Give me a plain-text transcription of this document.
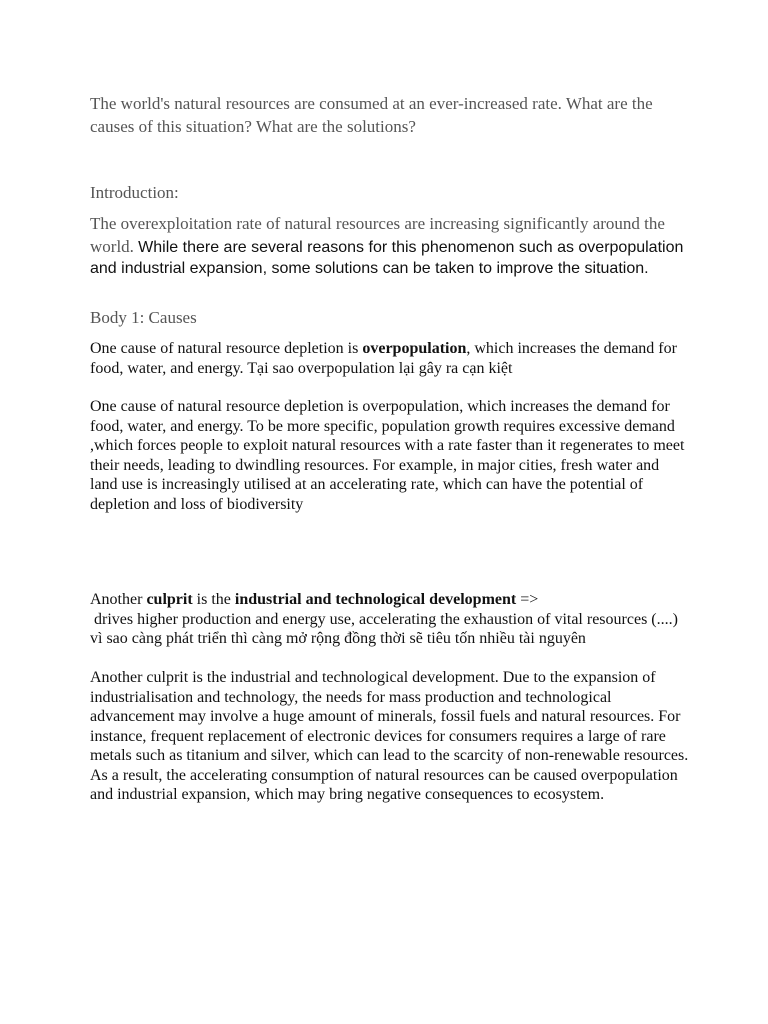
The world's natural resources are consumed at an ever-increased rate. What are the causes of this situation? What are the solutions?

Introduction:

The overexploitation rate of natural resources are increasing significantly around the world. While there are several reasons for this phenomenon such as overpopulation and industrial expansion, some solutions can be taken to improve the situation.

Body 1: Causes

One cause of natural resource depletion is overpopulation, which increases the demand for food, water, and energy. Tại sao overpopulation lại gây ra cạn kiệt

One cause of natural resource depletion is overpopulation, which increases the demand for food, water, and energy. To be more specific, population growth requires excessive demand ,which forces people to exploit natural resources with a rate faster than it regenerates to meet their needs, leading to dwindling resources. For example, in major cities, fresh water and land use is increasingly utilised at an accelerating rate, which can have the potential of depletion and loss of biodiversity

Another culprit is the industrial and technological development =>
drives higher production and energy use, accelerating the exhaustion of vital resources (....) vì sao càng phát triển thì càng mở rộng đồng thời sẽ tiêu tốn nhiều tài nguyên

Another culprit is the industrial and technological development. Due to the expansion of industrialisation and technology, the needs for mass production and technological advancement may involve a huge amount of minerals, fossil fuels and natural resources. For instance, frequent replacement of electronic devices for consumers requires a large of rare metals such as titanium and silver, which can lead to the scarcity of non-renewable resources. As a result, the accelerating consumption of natural resources can be caused overpopulation and industrial expansion, which may bring negative consequences to ecosystem.
